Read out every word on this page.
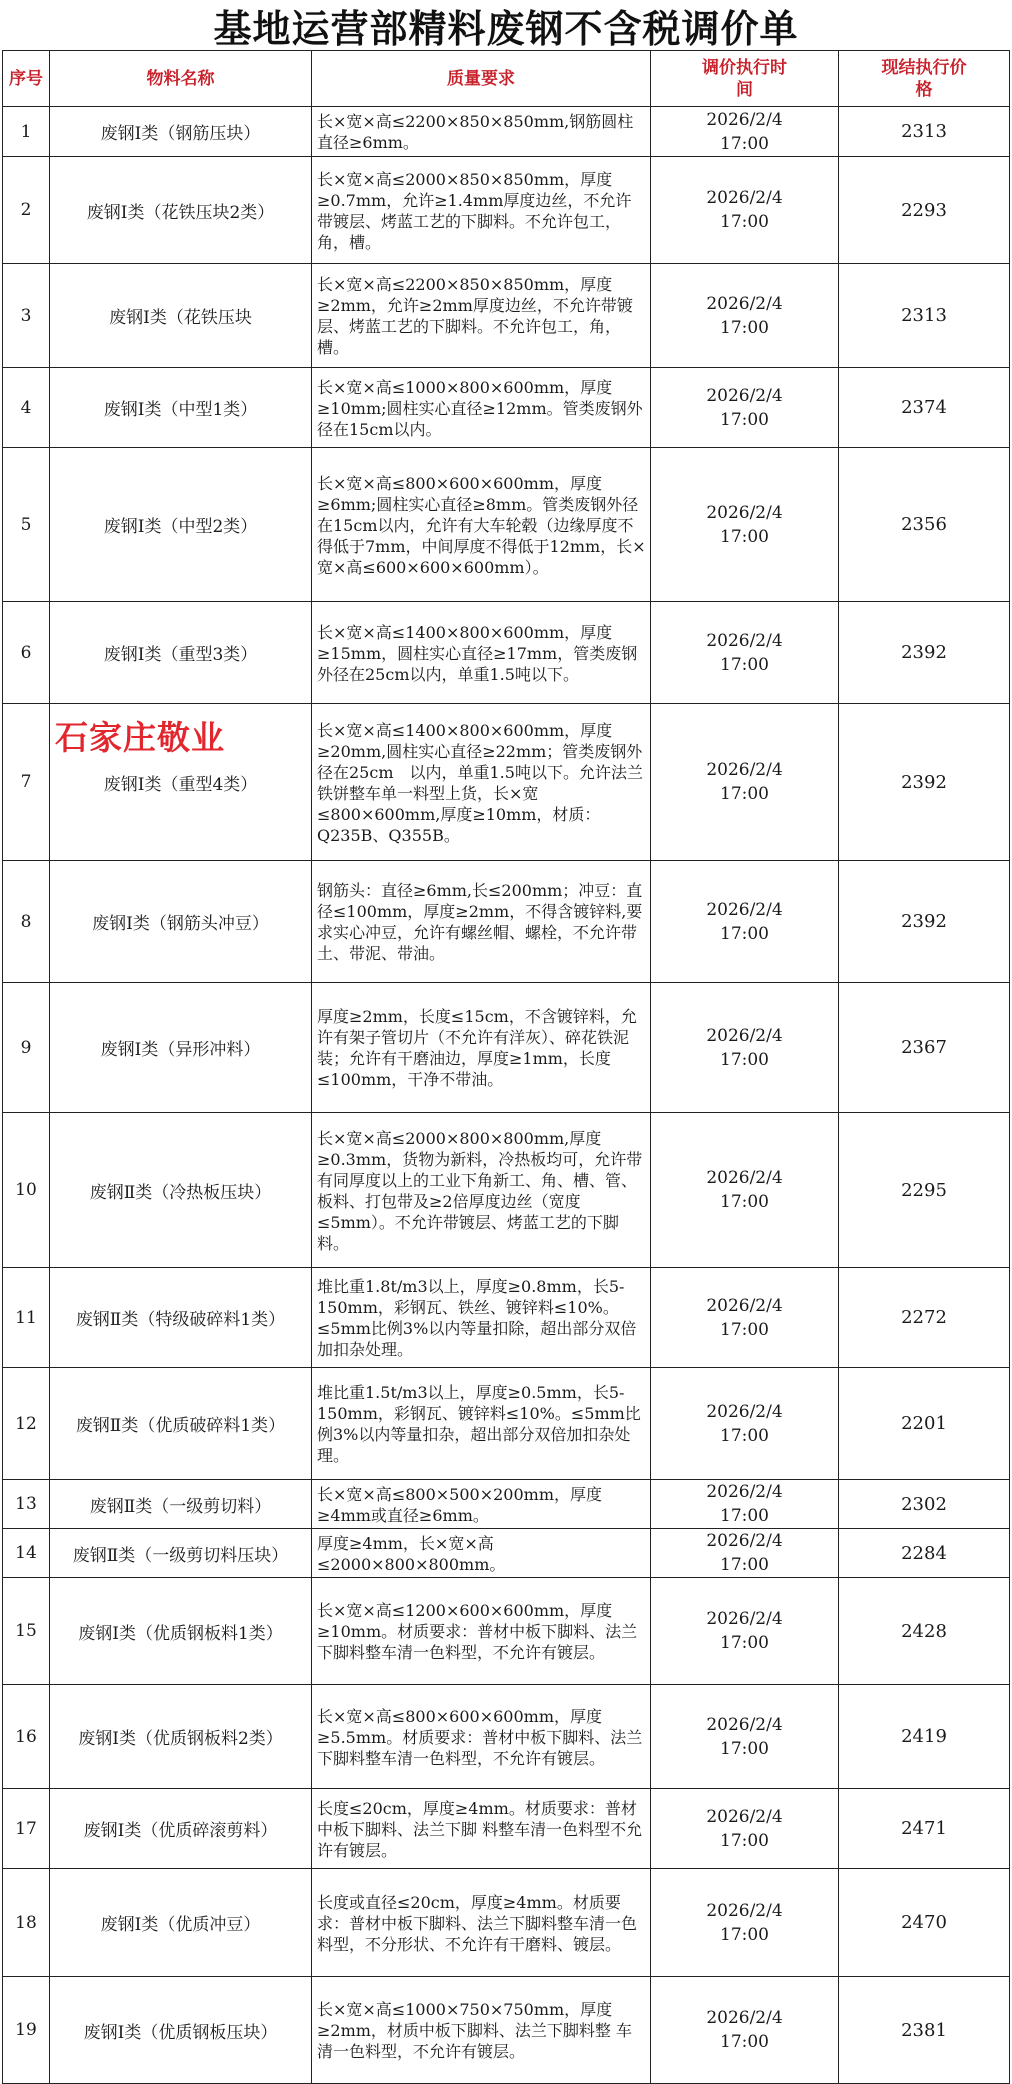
基地运营部精料废钢不含税调价单
序号	物料名称	质量要求	调价执行时间	现结执行价格

1	废钢Ⅰ类（钢筋压块）	长×宽×高≤2200×850×850mm,钢筋圆柱直径≥6mm。	2026/2/4 17:00	2313
2	废钢Ⅰ类（花铁压块2类）	长×宽×高≤2000×850×850mm，厚度≥0.7mm，允许≥1.4mm厚度边丝，不允许带镀层、烤蓝工艺的下脚料。不允许包工，角，槽。	2026/2/4 17:00	2293
3	废钢Ⅰ类（花铁压块	长×宽×高≤2200×850×850mm，厚度≥2mm，允许≥2mm厚度边丝，不允许带镀层、烤蓝工艺的下脚料。不允许包工，角，槽。	2026/2/4 17:00	2313
4	废钢Ⅰ类（中型1类）	长×宽×高≤1000×800×600mm，厚度≥10mm;圆柱实心直径≥12mm。管类废钢外径在15cm以内。	2026/2/4 17:00	2374
5	废钢Ⅰ类（中型2类）	长×宽×高≤800×600×600mm，厚度≥6mm;圆柱实心直径≥8mm。管类废钢外径在15cm以内，允许有大车轮毂（边缘厚度不得低于7mm，中间厚度不得低于12mm，长×宽×高≤600×600×600mm）。	2026/2/4 17:00	2356
6	废钢Ⅰ类（重型3类）	长×宽×高≤1400×800×600mm，厚度≥15mm，圆柱实心直径≥17mm，管类废钢外径在25cm以内，单重1.5吨以下。	2026/2/4 17:00	2392
7	废钢Ⅰ类（重型4类）	长×宽×高≤1400×800×600mm，厚度≥20mm,圆柱实心直径≥22mm；管类废钢外径在25cm　以内，单重1.5吨以下。允许法兰 铁饼整车单一料型上货，长×宽≤800×600mm,厚度≥10mm，材质：Q235B、Q355B。	2026/2/4 17:00	2392
8	废钢Ⅰ类（钢筋头冲豆）	钢筋头：直径≥6mm,长≤200mm；冲豆：直径≤100mm，厚度≥2mm，不得含镀锌料,要求实心冲豆，允许有螺丝帽、螺栓，不允许带土、带泥、带油。	2026/2/4 17:00	2392
9	废钢Ⅰ类（异形冲料）	厚度≥2mm，长度≤15cm，不含镀锌料，允许有架子管切片（不允许有洋灰）、碎花铁泥装；允许有干磨油边，厚度≥1mm，长度≤100mm，干净不带油。	2026/2/4 17:00	2367
10	废钢Ⅱ类（冷热板压块）	长×宽×高≤2000×800×800mm,厚度≥0.3mm，货物为新料，冷热板均可，允许带有同厚度以上的工业下角新工、角、槽、管、板料、打包带及≥2倍厚度边丝（宽度≤5mm）。不允许带镀层、烤蓝工艺的下脚料。	2026/2/4 17:00	2295
11	废钢Ⅱ类（特级破碎料1类）	堆比重1.8t/m3以上，厚度≥0.8mm，长5-150mm，彩钢瓦、铁丝、镀锌料≤10%。≤5mm比例3%以内等量扣除，超出部分双倍加扣杂处理。	2026/2/4 17:00	2272
12	废钢Ⅱ类（优质破碎料1类）	堆比重1.5t/m3以上，厚度≥0.5mm，长5-150mm，彩钢瓦、镀锌料≤10%。≤5mm比例3%以内等量扣杂，超出部分双倍加扣杂处 理。	2026/2/4 17:00	2201
13	废钢Ⅱ类（一级剪切料）	长×宽×高≤800×500×200mm，厚度≥4mm或直径≥6mm。	2026/2/4 17:00	2302
14	废钢Ⅱ类（一级剪切料压块）	厚度≥4mm，长×宽×高≤2000×800×800mm。	2026/2/4 17:00	2284
15	废钢Ⅰ类（优质钢板料1类）	长×宽×高≤1200×600×600mm，厚度≥10mm。材质要求：普材中板下脚料、法兰下脚料整车清一色料型，不允许有镀层。	2026/2/4 17:00	2428
16	废钢Ⅰ类（优质钢板料2类）	长×宽×高≤800×600×600mm，厚度≥5.5mm。材质要求：普材中板下脚料、法兰下脚料整车清一色料型，不允许有镀层。	2026/2/4 17:00	2419
17	废钢Ⅰ类（优质碎滚剪料）	长度≤20cm，厚度≥4mm。材质要求：普材中板下脚料、法兰下脚 料整车清一色料型不允许有镀层。	2026/2/4 17:00	2471
18	废钢Ⅰ类（优质冲豆）	长度或直径≤20cm，厚度≥4mm。材质要求：普材中板下脚料、法兰下脚料整车清一色料型，不分形状、不允许有干磨料、镀层。	2026/2/4 17:00	2470
19	废钢Ⅰ类（优质钢板压块）	长×宽×高≤1000×750×750mm，厚度≥2mm，材质中板下脚料、法兰下脚料整 车清一色料型，不允许有镀层。	2026/2/4 17:00	2381
石家庄敬业
